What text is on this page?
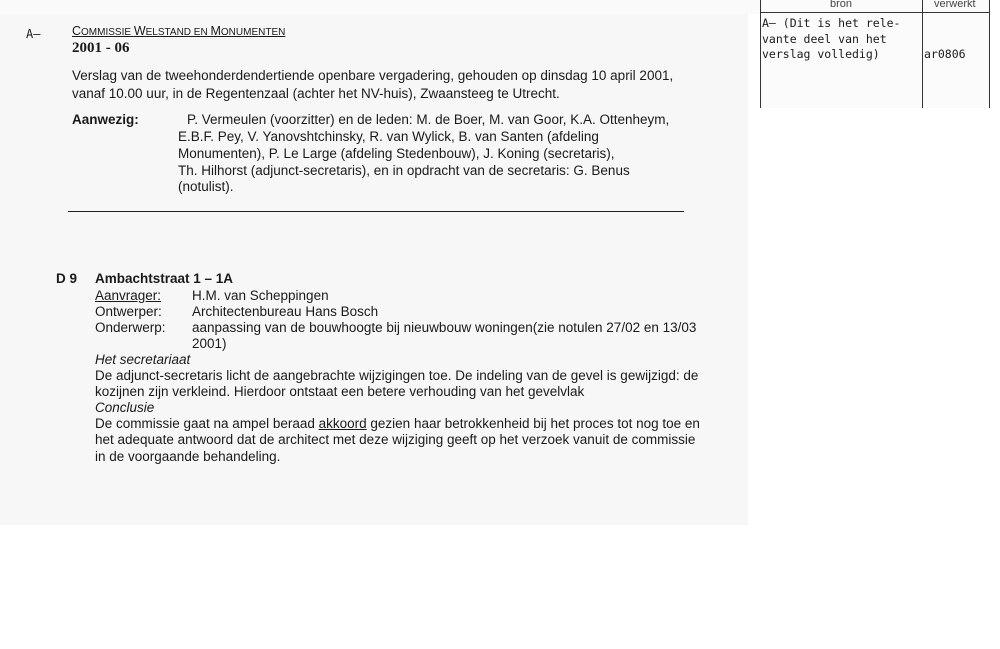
A–	COMMISSIE WELSTAND EN MONUMENTEN
2001 - 06
Verslag van de tweehonderdendertiende openbare vergadering, gehouden op dinsdag 10 april 2001,
vanaf 10.00 uur, in de Regentenzaal (achter het NV-huis), Zwaansteeg te Utrecht.
Aanwezig:	P. Vermeulen (voorzitter) en de leden: M. de Boer, M. van Goor, K.A. Ottenheym,
E.B.F. Pey, V. Yanovshtchinsky, R. van Wylick, B. van Santen (afdeling
Monumenten), P. Le Large (afdeling Stedenbouw), J. Koning (secretaris),
Th. Hilhorst (adjunct-secretaris), en in opdracht van de secretaris: G. Benus
(notulist).
D 9 Ambachtstraat 1 – 1A
Aanvrager: H.M. van Scheppingen
Ontwerper: Architectenbureau Hans Bosch
Onderwerp: aanpassing van de bouwhoogte bij nieuwbouw woningen(zie notulen 27/02 en 13/03
2001)
Het secretariaat
De adjunct-secretaris licht de aangebrachte wijzigingen toe. De indeling van de gevel is gewijzigd: de
kozijnen zijn verkleind. Hierdoor ontstaat een betere verhouding van het gevelvlak
Conclusie
De commissie gaat na ampel beraad akkoord gezien haar betrokkenheid bij het proces tot nog toe en
het adequate antwoord dat de architect met deze wijziging geeft op het verzoek vanuit de commissie
in de voorgaande behandeling.
bron	verwerkt
A– (Dit is het rele-
vante deel van het
verslag volledig)	ar0806
